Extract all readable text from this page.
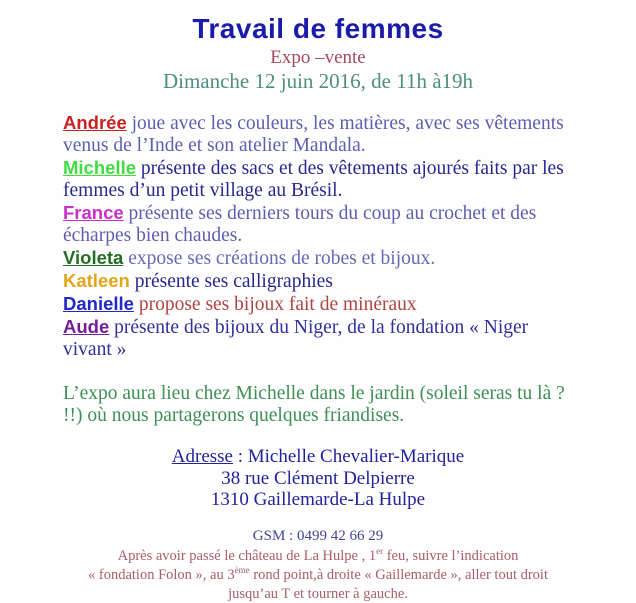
Travail de femmes
Expo –vente
Dimanche 12 juin 2016, de 11h à19h

Andrée joue avec les couleurs, les matières, avec ses vêtements venus de l’Inde et son atelier Mandala.

Michelle présente des sacs et des vêtements ajourés faits par les femmes d’un petit village au Brésil.

France présente ses derniers tours du coup au crochet et des écharpes bien chaudes.

Violeta expose ses créations de robes et bijoux.

Katleen présente ses calligraphies

Danielle propose ses bijoux fait de minéraux

Aude présente des bijoux du Niger, de la fondation « Niger vivant »

L’expo aura lieu chez Michelle dans le jardin (soleil seras tu là ? !!) où nous partagerons quelques friandises.

Adresse : Michelle Chevalier-Marique
38 rue Clément Delpierre
1310 Gaillemarde-La Hulpe
GSM : 0499 42 66 29
Après avoir passé le château de La Hulpe , 1er feu, suivre l’indication
« fondation Folon », au 3ème rond point,à droite « Gaillemarde », aller tout droit
jusqu’au T et tourner à gauche.
